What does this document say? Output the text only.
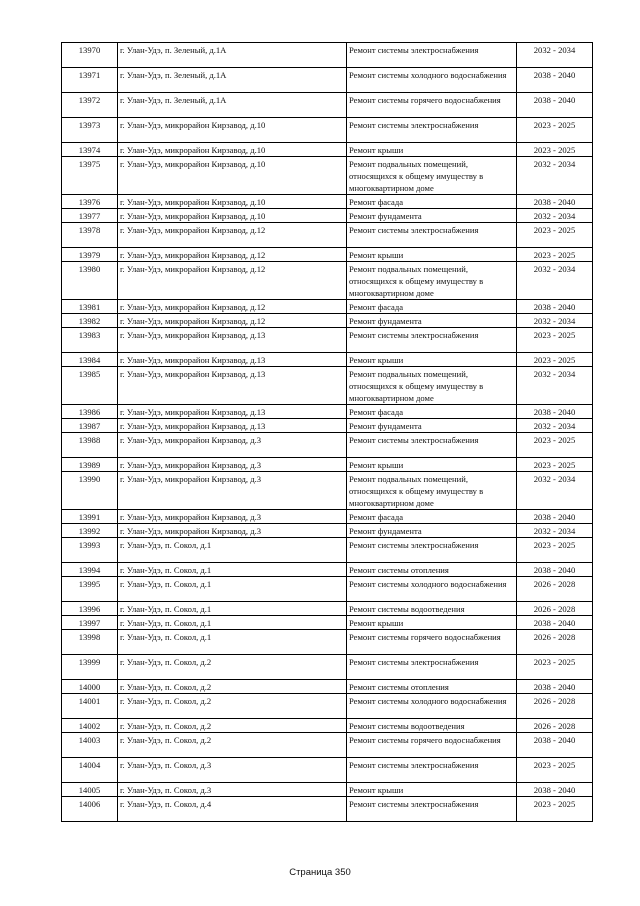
13970	г. Улан-Удэ, п. Зеленый, д.1А	Ремонт системы электроснабжения	2032 - 2034
13971	г. Улан-Удэ, п. Зеленый, д.1А	Ремонт системы холодного водоснабжения	2038 - 2040
13972	г. Улан-Удэ, п. Зеленый, д.1А	Ремонт системы горячего водоснабжения	2038 - 2040
13973	г. Улан-Удэ, микрорайон Кирзавод, д.10	Ремонт системы электроснабжения	2023 - 2025
13974	г. Улан-Удэ, микрорайон Кирзавод, д.10	Ремонт крыши	2023 - 2025
13975	г. Улан-Удэ, микрорайон Кирзавод, д.10	Ремонт подвальных помещений, относящихся к общему имуществу в многоквартирном доме	2032 - 2034
13976	г. Улан-Удэ, микрорайон Кирзавод, д.10	Ремонт фасада	2038 - 2040
13977	г. Улан-Удэ, микрорайон Кирзавод, д.10	Ремонт фундамента	2032 - 2034
13978	г. Улан-Удэ, микрорайон Кирзавод, д.12	Ремонт системы электроснабжения	2023 - 2025
13979	г. Улан-Удэ, микрорайон Кирзавод, д.12	Ремонт крыши	2023 - 2025
13980	г. Улан-Удэ, микрорайон Кирзавод, д.12	Ремонт подвальных помещений, относящихся к общему имуществу в многоквартирном доме	2032 - 2034
13981	г. Улан-Удэ, микрорайон Кирзавод, д.12	Ремонт фасада	2038 - 2040
13982	г. Улан-Удэ, микрорайон Кирзавод, д.12	Ремонт фундамента	2032 - 2034
13983	г. Улан-Удэ, микрорайон Кирзавод, д.13	Ремонт системы электроснабжения	2023 - 2025
13984	г. Улан-Удэ, микрорайон Кирзавод, д.13	Ремонт крыши	2023 - 2025
13985	г. Улан-Удэ, микрорайон Кирзавод, д.13	Ремонт подвальных помещений, относящихся к общему имуществу в многоквартирном доме	2032 - 2034
13986	г. Улан-Удэ, микрорайон Кирзавод, д.13	Ремонт фасада	2038 - 2040
13987	г. Улан-Удэ, микрорайон Кирзавод, д.13	Ремонт фундамента	2032 - 2034
13988	г. Улан-Удэ, микрорайон Кирзавод, д.3	Ремонт системы электроснабжения	2023 - 2025
13989	г. Улан-Удэ, микрорайон Кирзавод, д.3	Ремонт крыши	2023 - 2025
13990	г. Улан-Удэ, микрорайон Кирзавод, д.3	Ремонт подвальных помещений, относящихся к общему имуществу в многоквартирном доме	2032 - 2034
13991	г. Улан-Удэ, микрорайон Кирзавод, д.3	Ремонт фасада	2038 - 2040
13992	г. Улан-Удэ, микрорайон Кирзавод, д.3	Ремонт фундамента	2032 - 2034
13993	г. Улан-Удэ, п. Сокол, д.1	Ремонт системы электроснабжения	2023 - 2025
13994	г. Улан-Удэ, п. Сокол, д.1	Ремонт системы отопления	2038 - 2040
13995	г. Улан-Удэ, п. Сокол, д.1	Ремонт системы холодного водоснабжения	2026 - 2028
13996	г. Улан-Удэ, п. Сокол, д.1	Ремонт системы водоотведения	2026 - 2028
13997	г. Улан-Удэ, п. Сокол, д.1	Ремонт крыши	2038 - 2040
13998	г. Улан-Удэ, п. Сокол, д.1	Ремонт системы горячего водоснабжения	2026 - 2028
13999	г. Улан-Удэ, п. Сокол, д.2	Ремонт системы электроснабжения	2023 - 2025
14000	г. Улан-Удэ, п. Сокол, д.2	Ремонт системы отопления	2038 - 2040
14001	г. Улан-Удэ, п. Сокол, д.2	Ремонт системы холодного водоснабжения	2026 - 2028
14002	г. Улан-Удэ, п. Сокол, д.2	Ремонт системы водоотведения	2026 - 2028
14003	г. Улан-Удэ, п. Сокол, д.2	Ремонт системы горячего водоснабжения	2038 - 2040
14004	г. Улан-Удэ, п. Сокол, д.3	Ремонт системы электроснабжения	2023 - 2025
14005	г. Улан-Удэ, п. Сокол, д.3	Ремонт крыши	2038 - 2040
14006	г. Улан-Удэ, п. Сокол, д.4	Ремонт системы электроснабжения	2023 - 2025
Страница 350
